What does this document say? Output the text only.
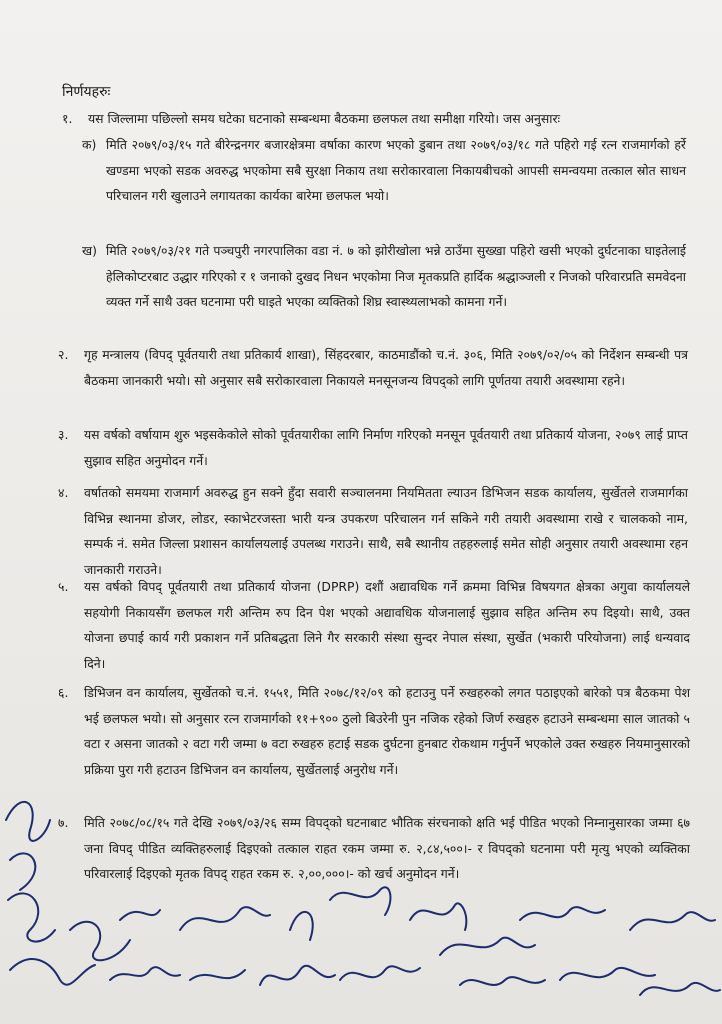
निर्णयहरुः
१. यस जिल्लामा पछिल्लो समय घटेका घटनाको सम्बन्धमा बैठकमा छलफल तथा समीक्षा गरियो। जस अनुसारः
क) मिति २०७९/०३/१५ गते बीरेन्द्रनगर बजारक्षेत्रमा वर्षाका कारण भएको डुबान तथा २०७९/०३/१८ गते पहिरो गई रत्न राजमार्गको हर्रे खण्डमा भएको सडक अवरुद्ध भएकोमा सबै सुरक्षा निकाय तथा सरोकारवाला निकायबीचको आपसी समन्वयमा तत्काल स्रोत साधन परिचालन गरी खुलाउने लगायतका कार्यका बारेमा छलफल भयो।
ख) मिति २०७९/०३/२१ गते पञ्चपुरी नगरपालिका वडा नं. ७ को झोरीखोला भन्ने ठाउँमा सुख्खा पहिरो खसी भएको दुर्घटनाका घाइतेलाई हेलिकोप्टरबाट उद्धार गरिएको र १ जनाको दुखद निधन भएकोमा निज मृतकप्रति हार्दिक श्रद्धाञ्जली र निजको परिवारप्रति समवेदना व्यक्त गर्ने साथै उक्त घटनामा परी घाइते भएका व्यक्तिको शिघ्र स्वास्थ्यलाभको कामना गर्ने।
२. गृह मन्त्रालय (विपद् पूर्वतयारी तथा प्रतिकार्य शाखा), सिंहदरबार, काठमाडौंको च.नं. ३०६, मिति २०७९/०२/०५ को निर्देशन सम्बन्धी पत्र बैठकमा जानकारी भयो। सो अनुसार सबै सरोकारवाला निकायले मनसूनजन्य विपद्को लागि पूर्णतया तयारी अवस्थामा रहने।
३. यस वर्षको वर्षायाम शुरु भइसकेकोले सोको पूर्वतयारीका लागि निर्माण गरिएको मनसून पूर्वतयारी तथा प्रतिकार्य योजना, २०७९ लाई प्राप्त सुझाव सहित अनुमोदन गर्ने।
४. वर्षातको समयमा राजमार्ग अवरुद्ध हुन सक्ने हुँदा सवारी सञ्चालनमा नियमितता ल्याउन डिभिजन सडक कार्यालय, सुर्खेतले राजमार्गका विभिन्न स्थानमा डोजर, लोडर, स्काभेटरजस्ता भारी यन्त्र उपकरण परिचालन गर्न सकिने गरी तयारी अवस्थामा राखे र चालकको नाम, सम्पर्क नं. समेत जिल्ला प्रशासन कार्यालयलाई उपलब्ध गराउने। साथै, सबै स्थानीय तहहरुलाई समेत सोही अनुसार तयारी अवस्थामा रहन जानकारी गराउने।
५. यस वर्षको विपद् पूर्वतयारी तथा प्रतिकार्य योजना (DPRP) दशौं अद्यावधिक गर्ने क्रममा विभिन्न विषयगत क्षेत्रका अगुवा कार्यालयले सहयोगी निकायसँग छलफल गरी अन्तिम रुप दिन पेश भएको अद्यावधिक योजनालाई सुझाव सहित अन्तिम रुप दिइयो। साथै, उक्त योजना छपाई कार्य गरी प्रकाशन गर्ने प्रतिबद्धता लिने गैर सरकारी संस्था सुन्दर नेपाल संस्था, सुर्खेत (भकारी परियोजना) लाई धन्यवाद दिने।
६. डिभिजन वन कार्यालय, सुर्खेतको च.नं. १५५१, मिति २०७८/१२/०९ को हटाउनु पर्ने रुखहरुको लगत पठाइएको बारेको पत्र बैठकमा पेश भई छलफल भयो। सो अनुसार रत्न राजमार्गको ११+९०० ठुलो बिउरेनी पुन नजिक रहेको जिर्ण रुखहरु हटाउने सम्बन्धमा साल जातको ५ वटा र असना जातको २ वटा गरी जम्मा ७ वटा रुखहरु हटाई सडक दुर्घटना हुनबाट रोकथाम गर्नुपर्ने भएकोले उक्त रुखहरु नियमानुसारको प्रक्रिया पुरा गरी हटाउन डिभिजन वन कार्यालय, सुर्खेतलाई अनुरोध गर्ने।
७. मिति २०७८/०८/१५ गते देखि २०७९/०३/२६ सम्म विपद्को घटनाबाट भौतिक संरचनाको क्षति भई पीडित भएको निम्नानुसारका जम्मा ६७ जना विपद् पीडित व्यक्तिहरुलाई दिइएको तत्काल राहत रकम जम्मा रु. २,८४,५००।- र विपद्को घटनामा परी मृत्यु भएको व्यक्तिका परिवारलाई दिइएको मृतक विपद् राहत रकम रु. २,००,०००।- को खर्च अनुमोदन गर्ने।
